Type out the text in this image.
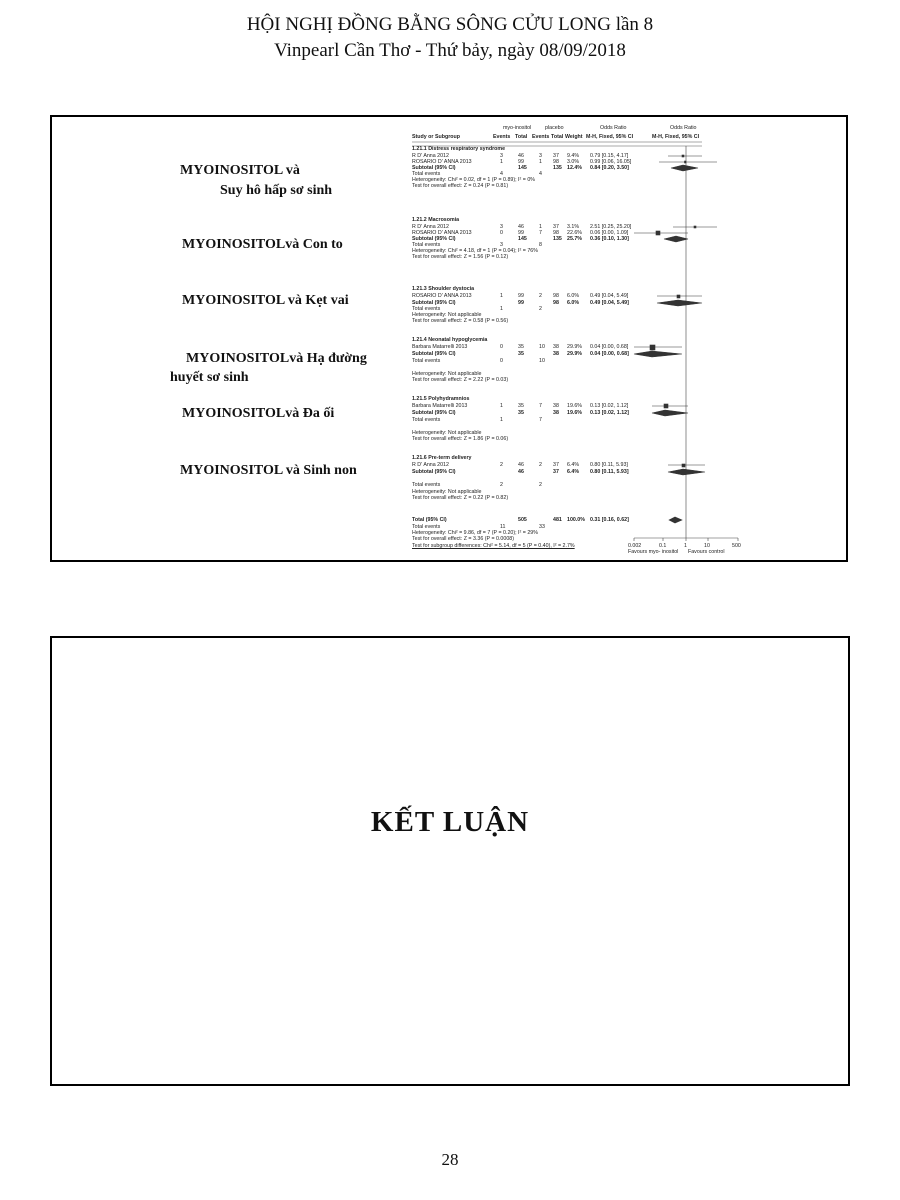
HỘI NGHỊ ĐỒNG BẰNG SÔNG CỬU LONG lần 8
Vinpearl Cần Thơ - Thứ bảy, ngày 08/09/2018
MYOINOSITOL và
Suy hô hấp sơ sinh
MYOINOSITOLvà Con to
MYOINOSITOL và Kẹt vai
MYOINOSITOLvà Hạ đường
huyết sơ sinh
MYOINOSITOLvà Đa ối
MYOINOSITOL và Sinh non
myo-inositol	placebo	Odds Ratio	Odds Ratio
Study or Subgroup	Events Total Events Total Weight M-H, Fixed, 95% CI	M-H, Fixed, 95% CI
1.21.1 Distress respiratory syndrome
R D' Anna 2012	3	46	3 37 9.4% 0.79 [0.15, 4.17]
ROSARIO D' ANNA 2013	1	99	1 98 3.0% 0.99 [0.06, 16.05]
Subtotal (95% CI)	145	135 12.4% 0.84 [0.20, 3.50]
Total events	4	4
Heterogeneity: Chi² = 0.02, df = 1 (P = 0.89); I² = 0%
Test for overall effect: Z = 0.24 (P = 0.81)
1.21.2 Macrosomia
R D' Anna 2012	3	46	1 37 3.1% 2.51 [0.25, 25.20]
ROSARIO D' ANNA 2013	0	99	7 98 22.6% 0.06 [0.00, 1.09]
Subtotal (95% CI)	145	135 25.7% 0.36 [0.10, 1.30]
Total events	3	8
Heterogeneity: Chi² = 4.18, df = 1 (P = 0.04); I² = 76%
Test for overall effect: Z = 1.56 (P = 0.12)
1.21.3 Shoulder dystocia
ROSARIO D' ANNA 2013	1	99	2 98 6.0% 0.49 [0.04, 5.49]
Subtotal (95% CI)	99	98 6.0% 0.49 [0.04, 5.49]
Total events	1	2
Heterogeneity: Not applicable
Test for overall effect: Z = 0.58 (P = 0.56)
1.21.4 Neonatal hypoglycemia
Barbara Matarrelli 2013	0	35	10 38 29.9% 0.04 [0.00, 0.68]
Subtotal (95% CI)	35	38 29.9% 0.04 [0.00, 0.68]
Total events	0	10
Heterogeneity: Not applicable
Test for overall effect: Z = 2.22 (P = 0.03)
1.21.5 Polyhydramnios
Barbara Matarrelli 2013	1	35	7 38 19.6% 0.13 [0.02, 1.12]
Subtotal (95% CI)	35	38 19.6% 0.13 [0.02, 1.12]
Total events	1	7
Heterogeneity: Not applicable
Test for overall effect: Z = 1.86 (P = 0.06)
1.21.6 Pre-term delivery
R D' Anna 2012	2	46	2 37 6.4% 0.80 [0.11, 5.93]
Subtotal (95% CI)	46	37 6.4% 0.80 [0.11, 5.93]
Total events	2	2
Heterogeneity: Not applicable
Test for overall effect: Z = 0.22 (P = 0.82)
Total (95% CI)	505	481 100.0% 0.31 [0.16, 0.62]
Total events	11	33
Heterogeneity: Chi² = 9.86, df = 7 (P = 0.20); I² = 29%
Test for overall effect: Z = 3.36 (P = 0.0008)
Test for subgroup differences: Chi² = 5.14, df = 5 (P = 0.40), I² = 2.7%	0.002	0.1	1	10	500
Favours myo- inositol Favours control
KẾT LUẬN
28
